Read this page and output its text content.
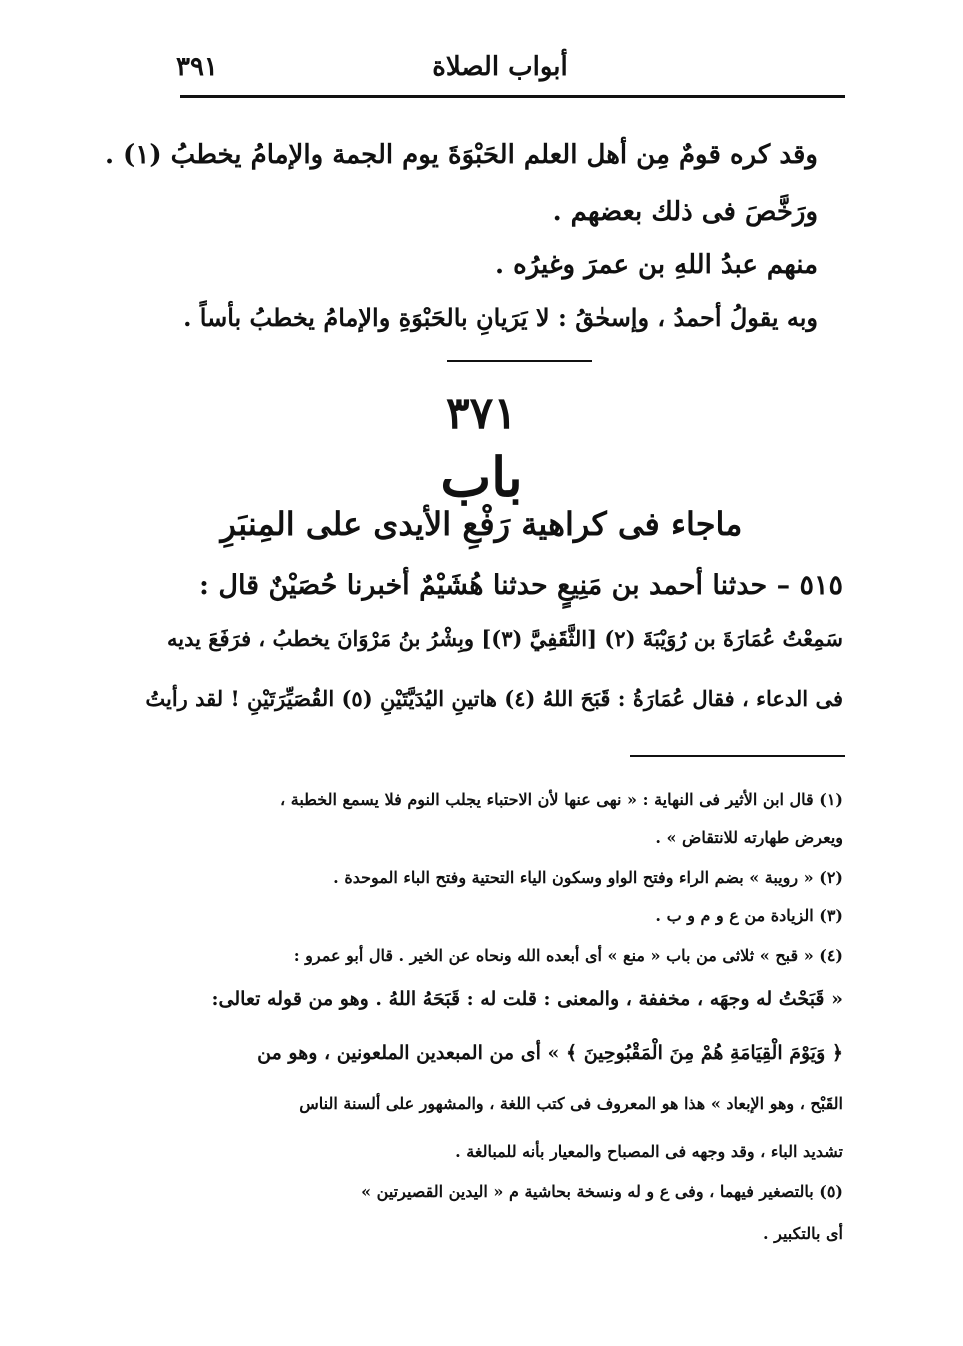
أبواب الصلاة
٣٩١
وقد كره قومٌ مِن أهل العلم الحَبْوَةَ يوم الجمة والإمامُ يخطبُ (١) .
ورَخَّصَ فى ذلك بعضهم .
منهم عبدُ اللهِ بن عمرَ وغيرُه .
وبه يقولُ أحمدُ ، وإسحٰقُ : لا يَرَيانِ بالحَبْوَةِ والإمامُ يخطبُ بأساً .
٣٧١
باب
ماجاء فى كراهية رَفْعِ الأيدى على المِنبَرِ
٥١٥ – حدثنا أحمد بن مَنِيعٍ حدثنا هُشَيْمٌ أخبرنا حُصَيْنٌ قال :
سَمِعْتُ عُمَارَةَ بن رُوَيْبَةَ (٢) [الثَّقَفِيَّ (٣)] وبِشْرُ بنُ مَرْوَانَ يخطبُ ، فرَفَعَ يديه
فى الدعاء ، فقال عُمَارَةُ : قَبَحَ اللهُ (٤) هاتينِ اليُدَيَّتَيْنِ (٥) القُصَيِّرَتَيْنِ ! لقد رأيتُ
(١) قال ابن الأثير فى النهاية : « نهى عنها لأن الاحتباء يجلب النوم فلا يسمع الخطبة ،
ويعرض طهارته للانتقاض » .
(٢) « رويبة » بضم الراء وفتح الواو وسكون الياء التحتية وفتح الباء الموحدة .
(٣) الزيادة من ع و م و ب .
(٤) « قبح » ثلاثى من باب « منع » أى أبعده الله ونحاه عن الخير . قال أبو عمرو :
« قَبَحْتُ له وجهَه ، مخففة ، والمعنى : قلت له : قَبَحَهُ اللهُ . وهو من قوله تعالى:
﴿ وَيَوْمَ الْقِيَامَةِ هُمْ مِنَ الْمَقْبُوحِينَ ﴾ » أى من المبعدين الملعونين ، وهو من
القَبْح ، وهو الإبعاد » هذا هو المعروف فى كتب اللغة ، والمشهور على ألسنة الناس
تشديد الباء ، وقد وجهه فى المصباح والمعيار بأنه للمبالغة .
(٥) بالتصغير فيهما ، وفى ع و له ونسخة بحاشية م « اليدين القصيرتين »
أى بالتكبير .
